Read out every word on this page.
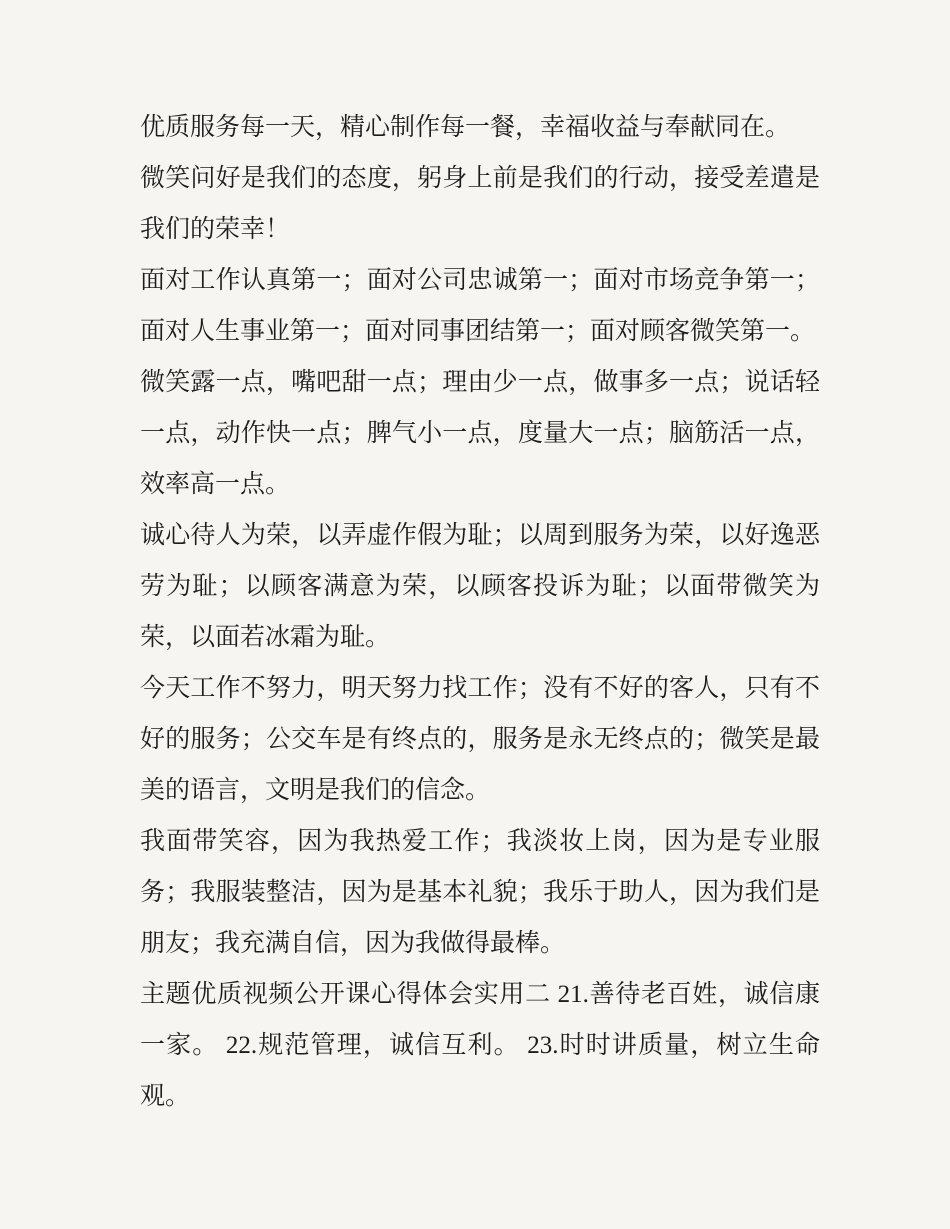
优质服务每一天，精心制作每一餐，幸福收益与奉献同在。
微笑问好是我们的态度，躬身上前是我们的行动，接受差遣是
我们的荣幸！
面对工作认真第一；面对公司忠诚第一；面对市场竞争第一；
面对人生事业第一；面对同事团结第一；面对顾客微笑第一。
微笑露一点，嘴吧甜一点；理由少一点，做事多一点；说话轻
一点，动作快一点；脾气小一点，度量大一点；脑筋活一点，
效率高一点。
诚心待人为荣，以弄虚作假为耻；以周到服务为荣，以好逸恶
劳为耻；以顾客满意为荣，以顾客投诉为耻；以面带微笑为
荣，以面若冰霜为耻。
今天工作不努力，明天努力找工作；没有不好的客人，只有不
好的服务；公交车是有终点的，服务是永无终点的；微笑是最
美的语言，文明是我们的信念。
我面带笑容，因为我热爱工作；我淡妆上岗，因为是专业服
务；我服装整洁，因为是基本礼貌；我乐于助人，因为我们是
朋友；我充满自信，因为我做得最棒。
主题优质视频公开课心得体会实用二 21.善待老百姓，诚信康
一家。 22.规范管理，诚信互利。 23.时时讲质量，树立生命
观。
